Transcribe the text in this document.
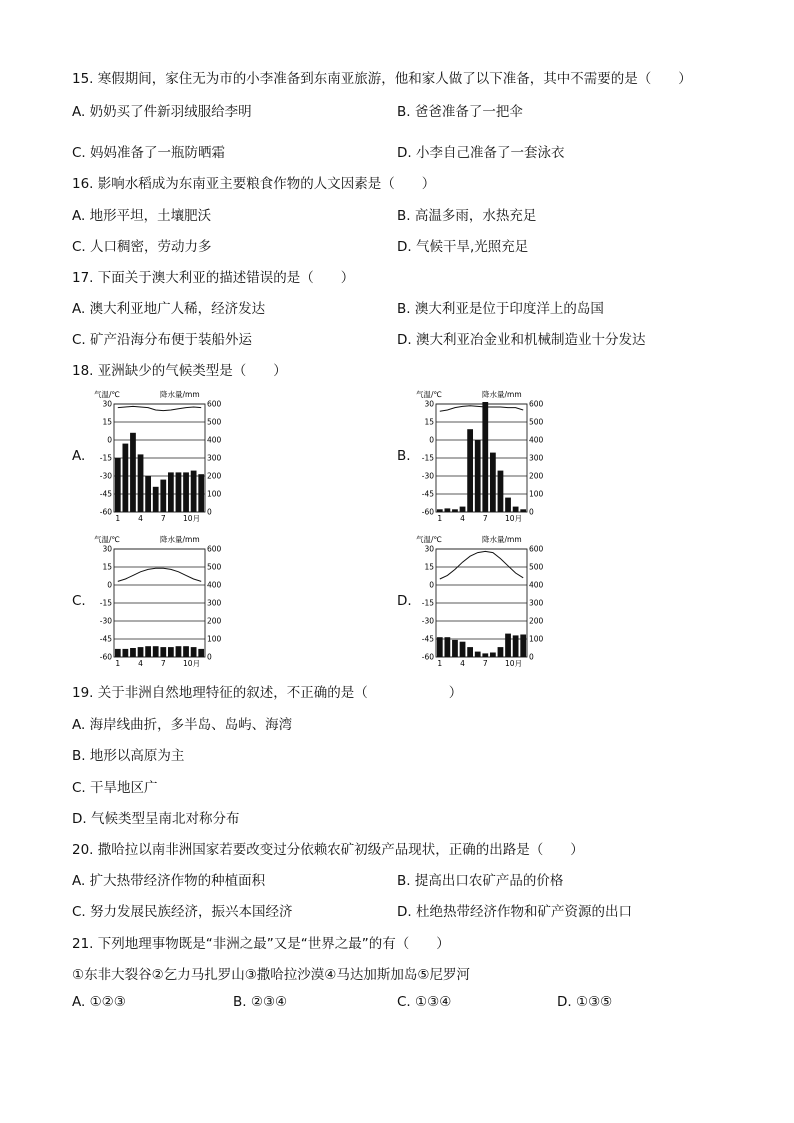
15. 寒假期间，家住无为市的小李准备到东南亚旅游，他和家人做了以下准备，其中不需要的是（　　）
A. 奶奶买了件新羽绒服给李明	B. 爸爸准备了一把伞
C. 妈妈准备了一瓶防晒霜	D. 小李自己准备了一套泳衣
16. 影响水稻成为东南亚主要粮食作物的人文因素是（　　）
A. 地形平坦，土壤肥沃	B. 高温多雨，水热充足
C. 人口稠密，劳动力多	D. 气候干旱,光照充足
17. 下面关于澳大利亚的描述错误的是（　　）
A. 澳大利亚地广人稀，经济发达	B. 澳大利亚是位于印度洋上的岛国
C. 矿产沿海分布便于装船外运	D. 澳大利亚冶金业和机械制造业十分发达
18. 亚洲缺少的气候类型是（　　）
A.
气温/℃	降水量/mm
30	600
15	500
0	400
-15	300
-30	200
-45	100
-60	0
1 4 7 10月
B.
气温/℃	降水量/mm
30	600
15	500
0	400
-15	300
-30	200
-45	100
-60	0
1 4 7 10月
C.
气温/℃	降水量/mm
30	600
15	500
0	400
-15	300
-30	200
-45	100
-60	0
1 4 7 10月
D.
气温/℃	降水量/mm
30	600
15	500
0	400
-15	300
-30	200
-45	100
-60	0
1 4 7 10月
19. 关于非洲自然地理特征的叙述，不正确的是（　　　　　　）
A. 海岸线曲折，多半岛、岛屿、海湾
B. 地形以高原为主
C. 干旱地区广
D. 气候类型呈南北对称分布
20. 撒哈拉以南非洲国家若要改变过分依赖农矿初级产品现状，正确的出路是（　　）
A. 扩大热带经济作物的种植面积	B. 提高出口农矿产品的价格
C. 努力发展民族经济，振兴本国经济	D. 杜绝热带经济作物和矿产资源的出口
21. 下列地理事物既是“非洲之最”又是“世界之最”的有（　　）
①东非大裂谷②乞力马扎罗山③撒哈拉沙漠④马达加斯加岛⑤尼罗河
A. ①②③	B. ②③④	C. ①③④	D. ①③⑤
